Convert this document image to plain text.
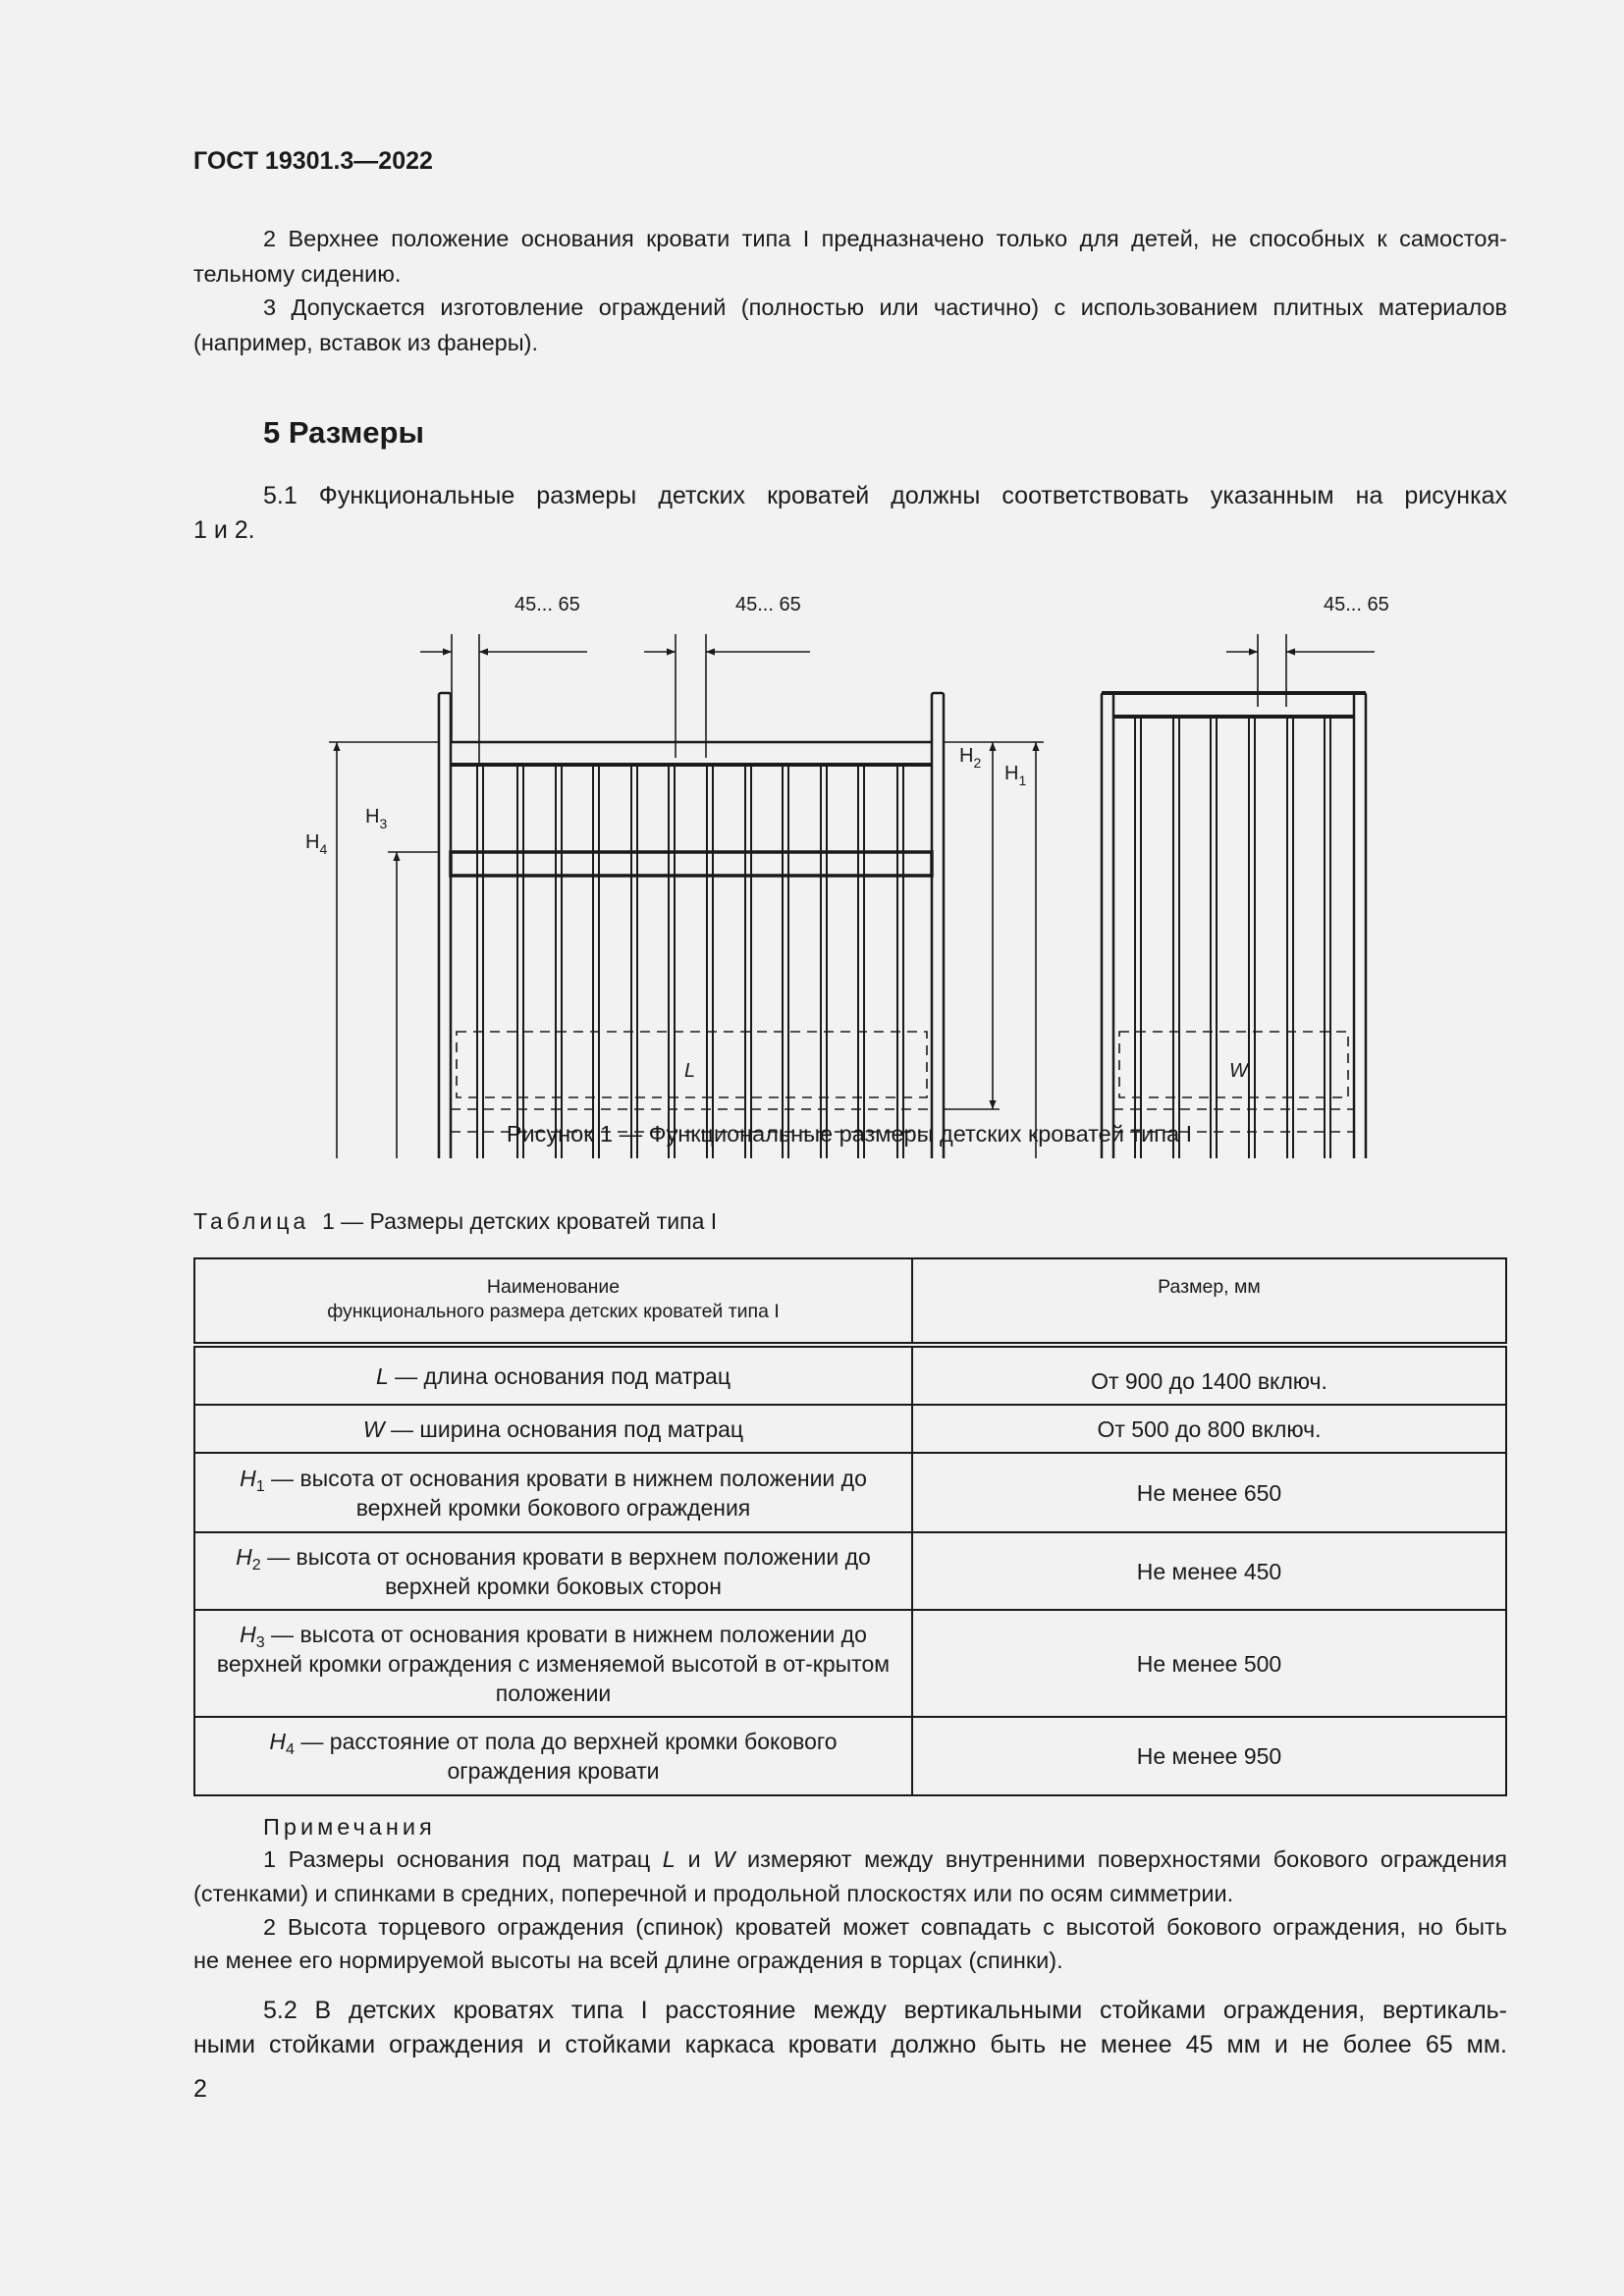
ГОСТ 19301.3—2022
2 Верхнее положение основания кровати типа I предназначено только для детей, не способных к самостоя-
тельному сидению.
3 Допускается изготовление ограждений (полностью или частично) с использованием плитных материалов
(например, вставок из фанеры).
5 Размеры
5.1 Функциональные размеры детских кроватей должны соответствовать указанным на рисунках
1 и 2.
45... 65	45... 65	45... 65
$H_4$
$H_3$
$H_2$ $H_1$
L	W
Рисунок 1 — Функциональные размеры детских кроватей типа I
Таблица 1 — Размеры детских кроватей типа I
Наименование
функционального размера детских кроватей типа I	Размер, мм
L — длина основания под матрац	От 900 до 1400 включ.
W — ширина основания под матрац	От 500 до 800 включ.
$H_1$ — высота от основания кровати в нижнем положении до верхней кромки бокового ограждения	Не менее 650
$H_2$ — высота от основания кровати в верхнем положении до верхней кромки боковых сторон	Не менее 450
$H_3$ — высота от основания кровати в нижнем положении до верхней кромки ограждения с изменяемой высотой в от-крытом положении	Не менее 500
$H_4$ — расстояние от пола до верхней кромки бокового ограждения кровати	Не менее 950
Примечания
1 Размеры основания под матрац L и W измеряют между внутренними поверхностями бокового ограждения
(стенками) и спинками в средних, поперечной и продольной плоскостях или по осям симметрии.
2 Высота торцевого ограждения (спинок) кроватей может совпадать с высотой бокового ограждения, но быть
не менее его нормируемой высоты на всей длине ограждения в торцах (спинки).
5.2 В детских кроватях типа I расстояние между вертикальными стойками ограждения, вертикаль-
ными стойками ограждения и стойками каркаса кровати должно быть не менее 45 мм и не более 65 мм.
2
